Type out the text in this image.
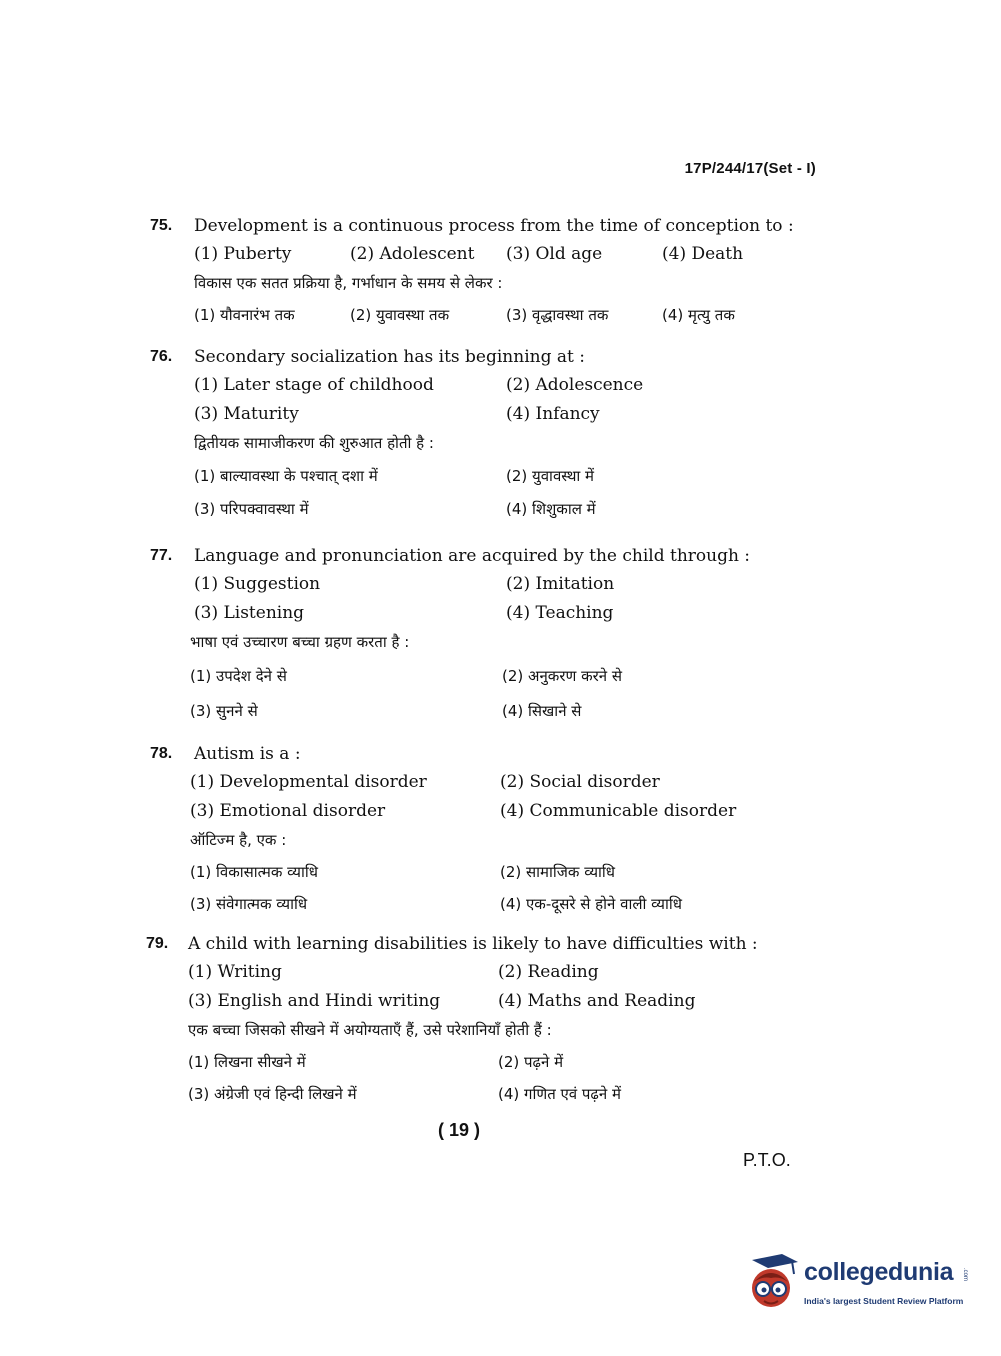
17P/244/17(Set - I)
75. Development is a continuous process from the time of conception to :
(1) Puberty	(2) Adolescent (3) Old age	(4) Death
विकास एक सतत प्रक्रिया है, गर्भाधान के समय से लेकर :
(1) यौवनारंभ तक	(2) युवावस्था तक	(3) वृद्धावस्था तक	(4) मृत्यु तक
76. Secondary socialization has its beginning at :
(1) Later stage of childhood	(2) Adolescence
(3) Maturity	(4) Infancy
द्वितीयक सामाजीकरण की शुरुआत होती है :
(1) बाल्यावस्था के पश्चात् दशा में	(2) युवावस्था में
(3) परिपक्वावस्था में	(4) शिशुकाल में
77. Language and pronunciation are acquired by the child through :
(1) Suggestion	(2) Imitation
(3) Listening	(4) Teaching
भाषा एवं उच्चारण बच्चा ग्रहण करता है :
(1) उपदेश देने से	(2) अनुकरण करने से
(3) सुनने से	(4) सिखाने से
78. Autism is a :
(1) Developmental disorder	(2) Social disorder
(3) Emotional disorder	(4) Communicable disorder
ऑटिज्म है, एक :
(1) विकासात्मक व्याधि	(2) सामाजिक व्याधि
(3) संवेगात्मक व्याधि	(4) एक-दूसरे से होने वाली व्याधि
79. A child with learning disabilities is likely to have difficulties with :
(1) Writing	(2) Reading
(3) English and Hindi writing	(4) Maths and Reading
एक बच्चा जिसको सीखने में अयोग्यताएँ हैं, उसे परेशानियाँ होती हैं :
(1) लिखना सीखने में	(2) पढ़ने में
(3) अंग्रेजी एवं हिन्दी लिखने में	(4) गणित एवं पढ़ने में
( 19 )
P.T.O.
collegedunia .com
India's largest Student Review Platform
